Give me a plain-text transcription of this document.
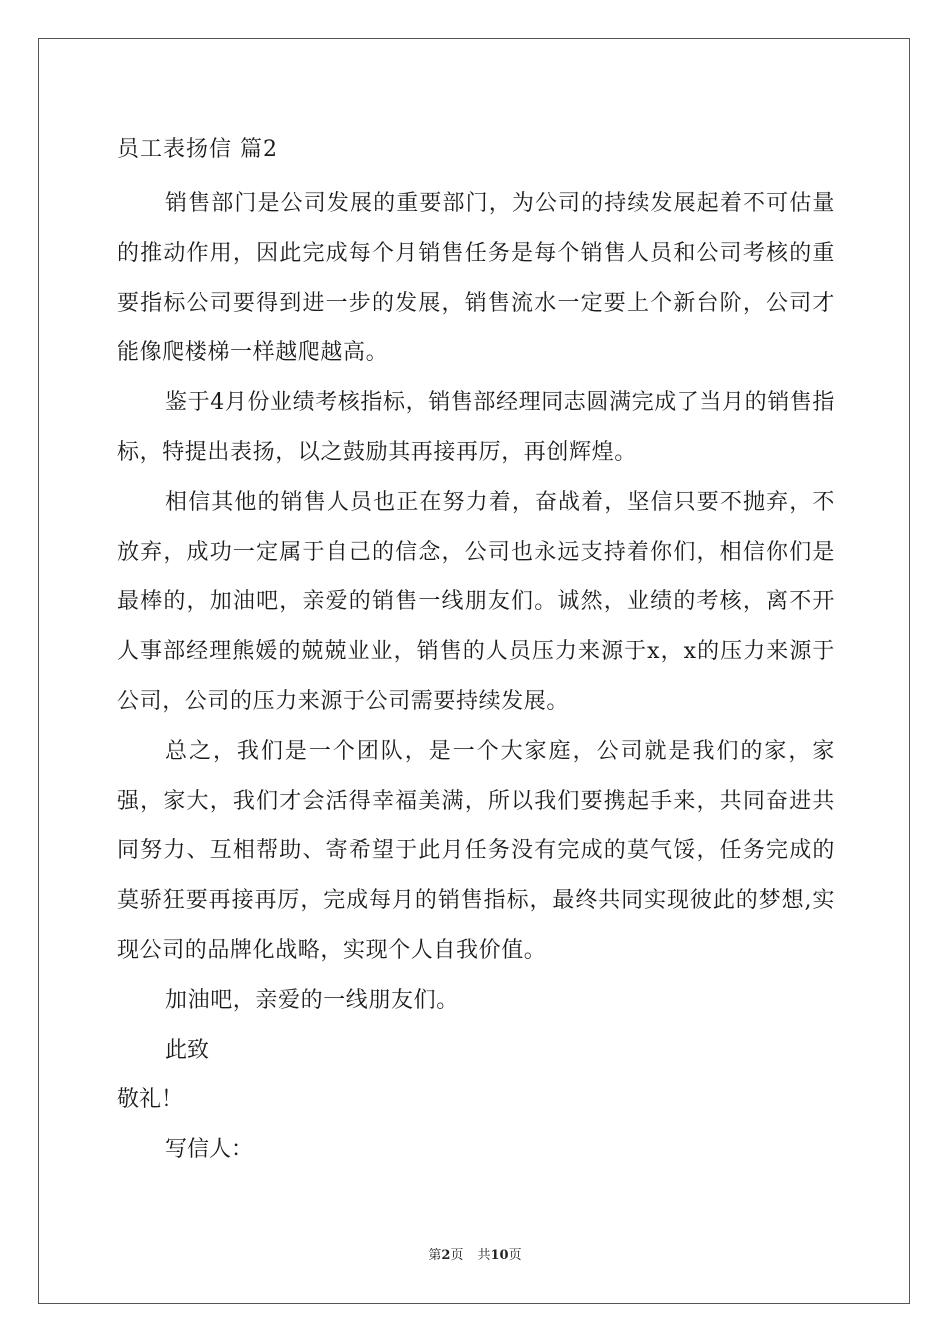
员工表扬信 篇2

销售部门是公司发展的重要部门，为公司的持续发展起着不可估量的推动作用，因此完成每个月销售任务是每个销售人员和公司考核的重要指标公司要得到进一步的发展，销售流水一定要上个新台阶，公司才能像爬楼梯一样越爬越高。

鉴于4月份业绩考核指标，销售部经理同志圆满完成了当月的销售指标，特提出表扬，以之鼓励其再接再厉，再创辉煌。

相信其他的销售人员也正在努力着，奋战着，坚信只要不抛弃，不放弃，成功一定属于自己的信念，公司也永远支持着你们，相信你们是最棒的，加油吧，亲爱的销售一线朋友们。诚然，业绩的考核，离不开人事部经理熊媛的兢兢业业，销售的人员压力来源于x，x的压力来源于公司，公司的压力来源于公司需要持续发展。

总之，我们是一个团队，是一个大家庭，公司就是我们的家，家强，家大，我们才会活得幸福美满，所以我们要携起手来，共同奋进共同努力、互相帮助、寄希望于此月任务没有完成的莫气馁，任务完成的莫骄狂要再接再厉，完成每月的销售指标，最终共同实现彼此的梦想,实现公司的品牌化战略，实现个人自我价值。

加油吧，亲爱的一线朋友们。

此致

敬礼！

写信人：

第2页 共10页
